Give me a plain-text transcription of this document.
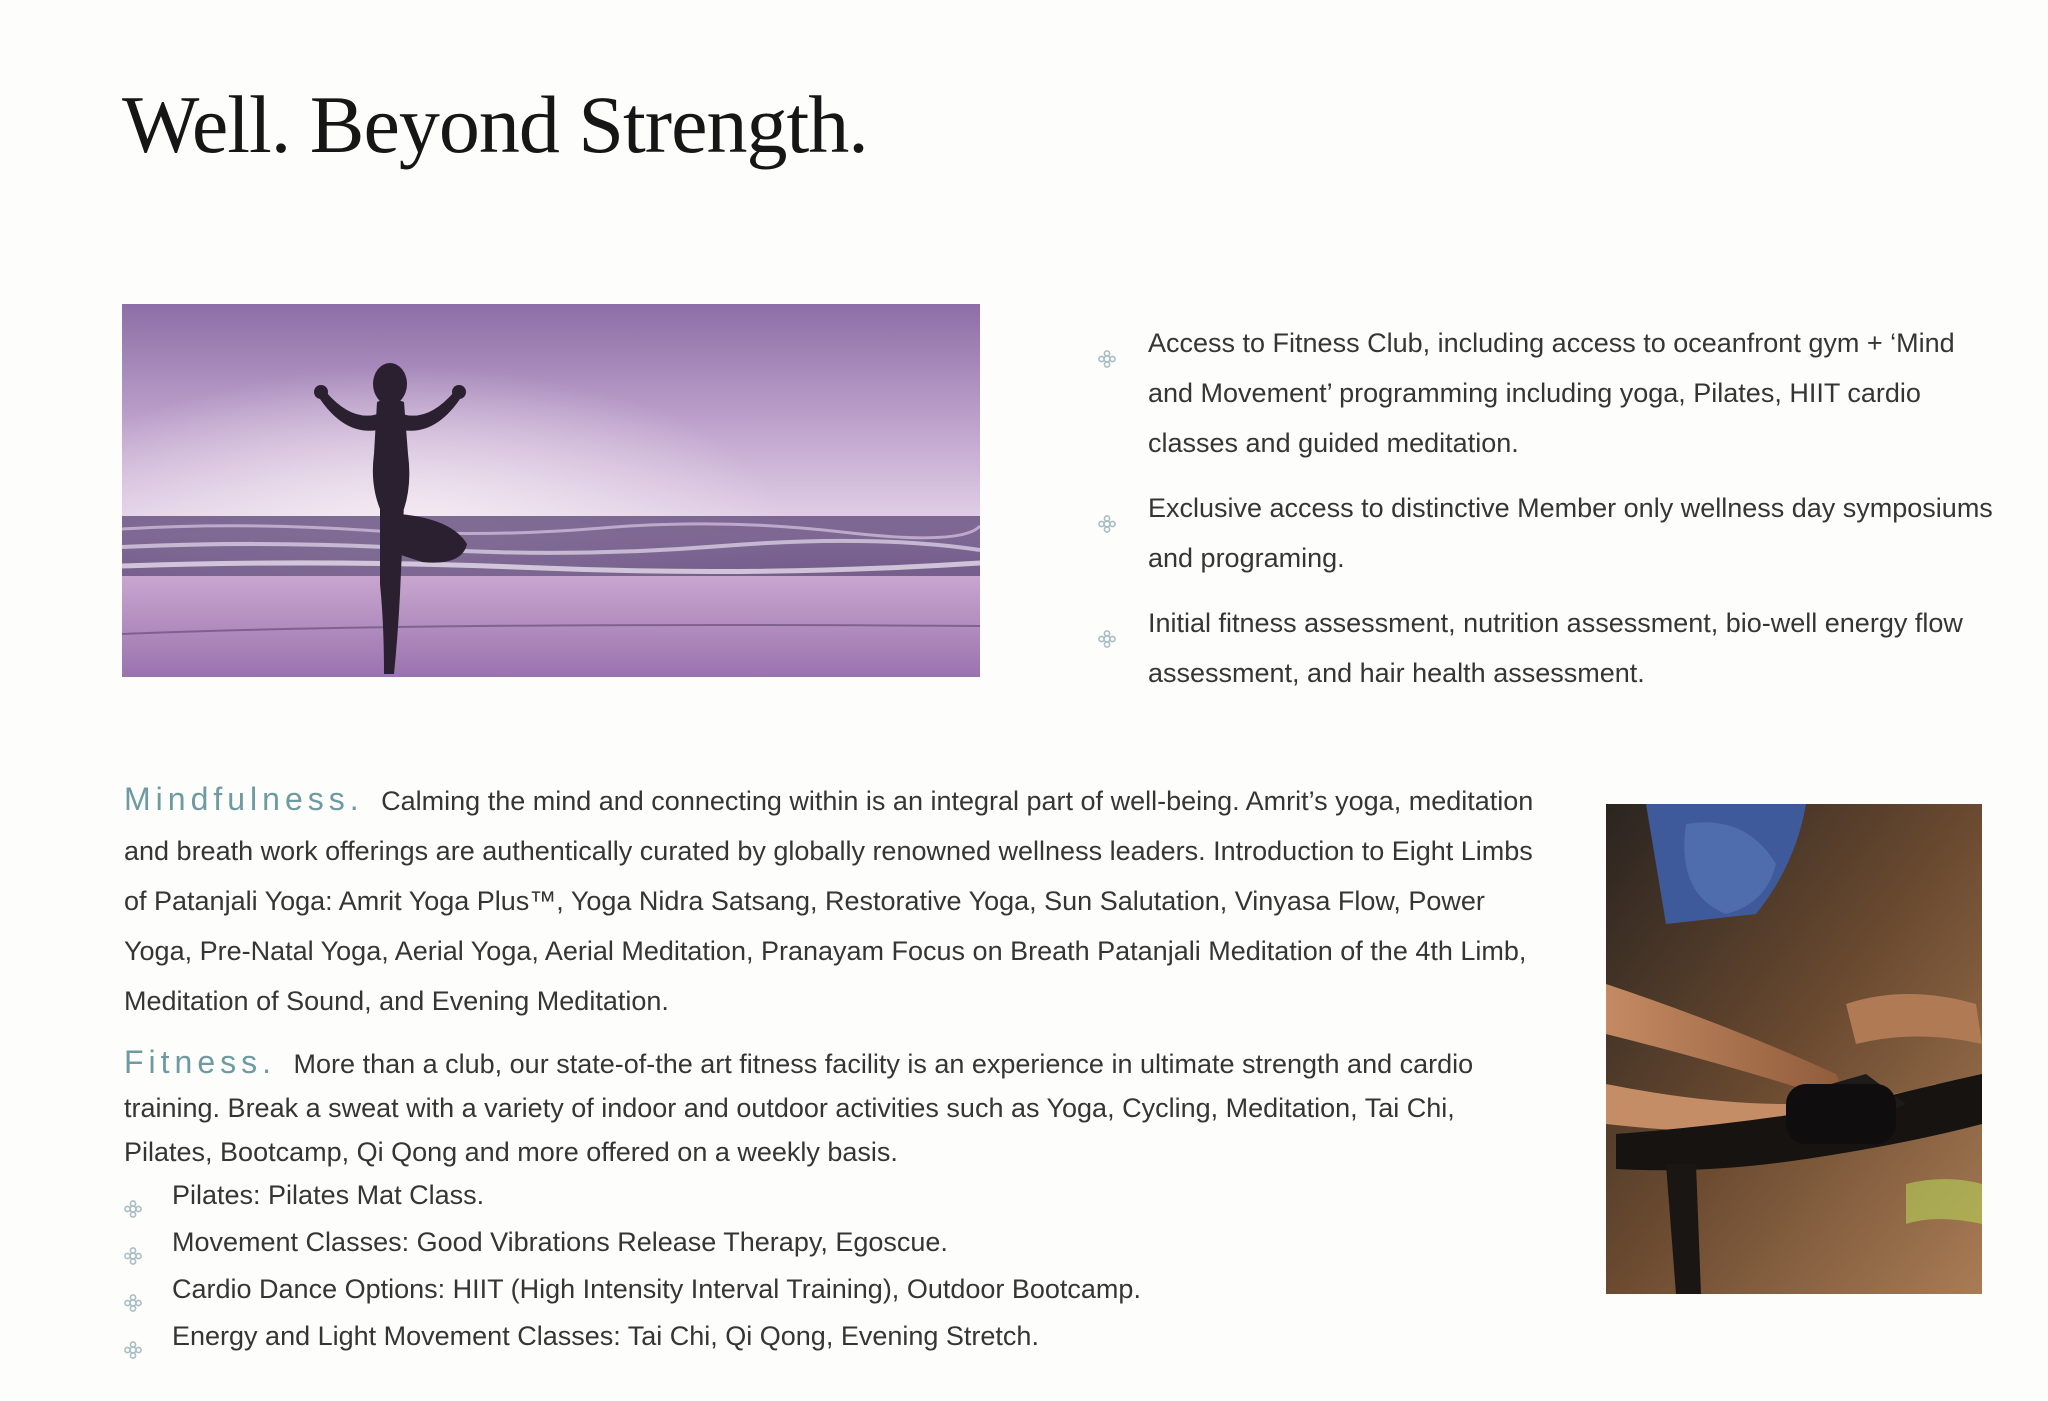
Well. Beyond Strength.
Access to Fitness Club, including access to oceanfront gym + ‘Mind and Movement’ programming including yoga, Pilates, HIIT cardio classes and guided meditation.
Exclusive access to distinctive Member only wellness day symposiums and programing.
Initial fitness assessment, nutrition assessment, bio-well energy flow assessment, and hair health assessment.

Mindfulness. Calming the mind and connecting within is an integral part of well-being. Amrit’s yoga, meditation and breath work offerings are authentically curated by globally renowned wellness leaders. Introduction to Eight Limbs of Patanjali Yoga: Amrit Yoga Plus™, Yoga Nidra Satsang, Restorative Yoga, Sun Salutation, Vinyasa Flow, Power Yoga, Pre-Natal Yoga, Aerial Yoga, Aerial Meditation, Pranayam Focus on Breath Patanjali Meditation of the 4th Limb, Meditation of Sound, and Evening Meditation.

Fitness. More than a club, our state-of-the art fitness facility is an experience in ultimate strength and cardio training. Break a sweat with a variety of indoor and outdoor activities such as Yoga, Cycling, Meditation, Tai Chi, Pilates, Bootcamp, Qi Qong and more offered on a weekly basis.

Pilates: Pilates Mat Class.
Movement Classes: Good Vibrations Release Therapy, Egoscue.
Cardio Dance Options: HIIT (High Intensity Interval Training), Outdoor Bootcamp.
Energy and Light Movement Classes: Tai Chi, Qi Qong, Evening Stretch.
